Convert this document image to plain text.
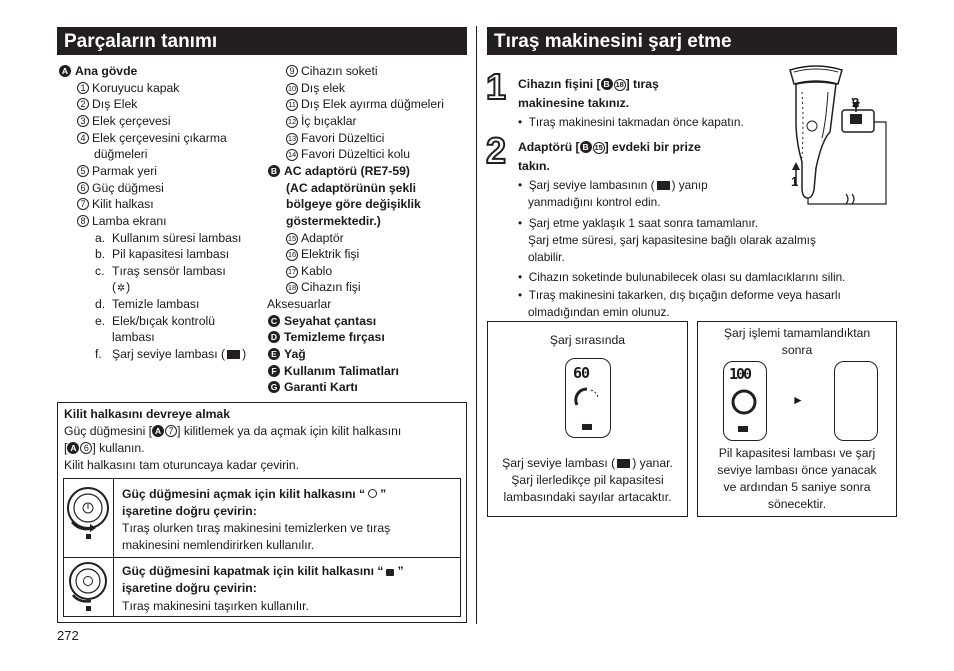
Parçaların tanımı
A Ana gövde
1 Koruyucu kapak
2 Dış Elek
3 Elek çerçevesi
4 Elek çerçevesini çıkarma
düğmeleri
5 Parmak yeri
6 Güç düğmesi
7 Kilit halkası
8 Lamba ekranı
a. Kullanım süresi lambası
b. Pil kapasitesi lambası
c. Tıraş sensör lambası
(✲)
d. Temizle lambası
e. Elek/bıçak kontrolü
lambası
f. Şarj seviye lambası ( )
9 Cihazın soketi
10 Dış elek
11 Dış Elek ayırma düğmeleri
12 İç bıçaklar
13 Favori Düzeltici
14 Favori Düzeltici kolu
B AC adaptörü (RE7-59)
(AC adaptörünün şekli
bölgeye göre değişiklik
göstermektedir.)
15 Adaptör
16 Elektrik fişi
17 Kablo
18 Cihazın fişi
Aksesuarlar
C Seyahat çantası
D Temizleme fırçası
E Yağ
F Kullanım Talimatları
G Garanti Kartı
Kilit halkasını devreye almak
Güç düğmesini [ A 7 ] kilitlemek ya da açmak için kilit halkasını
[ A 6 ] kullanın.
Kilit halkasını tam oturuncaya kadar çevirin.
Güç düğmesini açmak için kilit halkasını “ ”
işaretine doğru çevirin:
Tıraş olurken tıraş makinesini temizlerken ve tıraş
makinesini nemlendirirken kullanılır.
Güç düğmesini kapatmak için kilit halkasını “ ”
işaretine doğru çevirin:
Tıraş makinesini taşırken kullanılır.
272
Tıraş makinesini şarj etme
1 Cihazın fişini [ B 18 ] tıraş
makinesine takınız.
•  Tıraş makinesini takmadan önce kapatın.
2 Adaptörü [ B 15 ] evdeki bir prize
takın.
•  Şarj seviye lambasının ( ) yanıp
yanmadığını kontrol edin.
•  Şarj etme yaklaşık 1 saat sonra tamamlanır.
Şarj etme süresi, şarj kapasitesine bağlı olarak azalmış
olabilir.
•  Cihazın soketinde bulunabilecek olası su damlacıklarını silin.
•  Tıraş makinesini takarken, dış bıçağın deforme veya hasarlı
olmadığından emin olunuz.
2
1
Şarj sırasında
60
Şarj seviye lambası ( ) yanar.
Şarj ilerledikçe pil kapasitesi
lambasındaki sayılar artacaktır.
Şarj işlemi tamamlandıktan
sonra
100
►
Pil kapasitesi lambası ve şarj
seviye lambası önce yanacak
ve ardından 5 saniye sonra
sönecektir.
